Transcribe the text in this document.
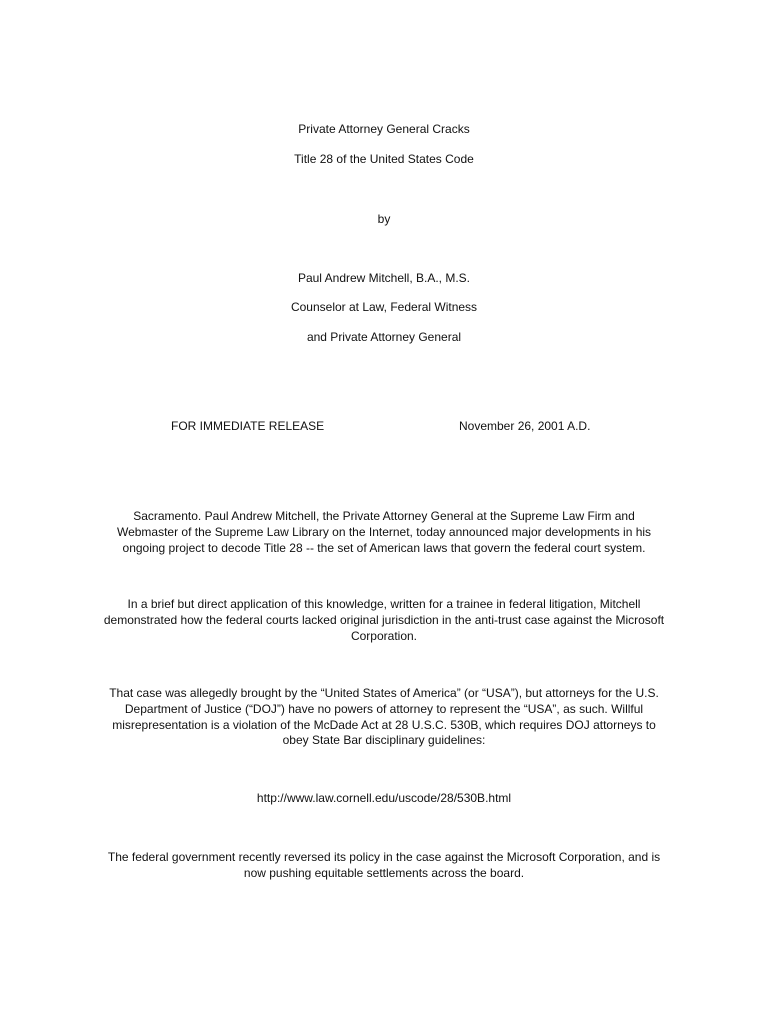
Private Attorney General Cracks
Title 28 of the United States Code
by
Paul Andrew Mitchell, B.A., M.S.
Counselor at Law, Federal Witness
and Private Attorney General
FOR IMMEDIATE RELEASE	November 26, 2001 A.D.
Sacramento. Paul Andrew Mitchell, the Private Attorney General at the Supreme Law Firm and
Webmaster of the Supreme Law Library on the Internet, today announced major developments in his
ongoing project to decode Title 28 -- the set of American laws that govern the federal court system.
In a brief but direct application of this knowledge, written for a trainee in federal litigation, Mitchell
demonstrated how the federal courts lacked original jurisdiction in the anti-trust case against the Microsoft
Corporation.
That case was allegedly brought by the “United States of America” (or “USA”), but attorneys for the U.S.
Department of Justice (“DOJ”) have no powers of attorney to represent the “USA”, as such. Willful
misrepresentation is a violation of the McDade Act at 28 U.S.C. 530B, which requires DOJ attorneys to
obey State Bar disciplinary guidelines:
http://www.law.cornell.edu/uscode/28/530B.html
The federal government recently reversed its policy in the case against the Microsoft Corporation, and is
now pushing equitable settlements across the board.
